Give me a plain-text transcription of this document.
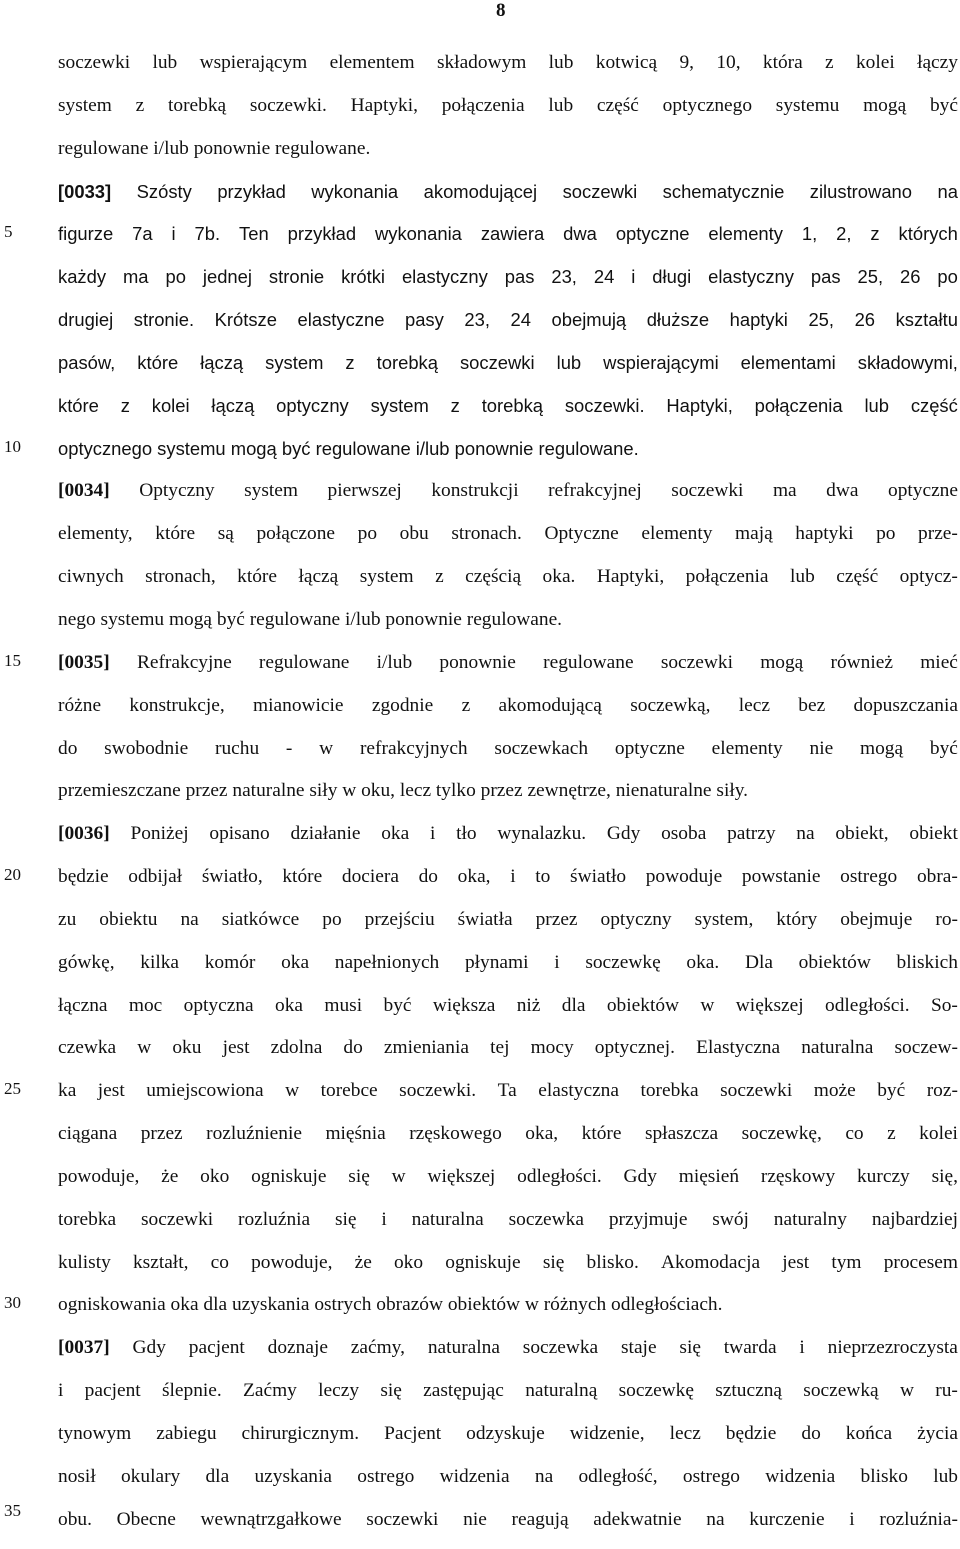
8
5
10
15
20
25
30
35
soczewki lub wspierającym elementem składowym lub kotwicą 9, 10, która z kolei łączy
system z torebką soczewki. Haptyki, połączenia lub część optycznego systemu mogą być
regulowane i/lub ponownie regulowane.
[0033] Szósty przykład wykonania akomodującej soczewki schematycznie zilustrowano na
figurze 7a i 7b. Ten przykład wykonania zawiera dwa optyczne elementy 1, 2, z których
każdy ma po jednej stronie krótki elastyczny pas 23, 24 i długi elastyczny pas 25, 26 po
drugiej stronie. Krótsze elastyczne pasy 23, 24 obejmują dłuższe haptyki 25, 26 kształtu
pasów, które łączą system z torebką soczewki lub wspierającymi elementami składowymi,
które z kolei łączą optyczny system z torebką soczewki. Haptyki, połączenia lub część
optycznego systemu mogą być regulowane i/lub ponownie regulowane.
[0034] Optyczny system pierwszej konstrukcji refrakcyjnej soczewki ma dwa optyczne
elementy, które są połączone po obu stronach. Optyczne elementy mają haptyki po prze-
ciwnych stronach, które łączą system z częścią oka. Haptyki, połączenia lub część optycz-
nego systemu mogą być regulowane i/lub ponownie regulowane.
[0035] Refrakcyjne regulowane i/lub ponownie regulowane soczewki mogą również mieć
różne konstrukcje, mianowicie zgodnie z akomodującą soczewką, lecz bez dopuszczania
do swobodnie ruchu - w refrakcyjnych soczewkach optyczne elementy nie mogą być
przemieszczane przez naturalne siły w oku, lecz tylko przez zewnętrze, nienaturalne siły.
[0036] Poniżej opisano działanie oka i tło wynalazku. Gdy osoba patrzy na obiekt, obiekt
będzie odbijał światło, które dociera do oka, i to światło powoduje powstanie ostrego obra-
zu obiektu na siatkówce po przejściu światła przez optyczny system, który obejmuje ro-
gówkę, kilka komór oka napełnionych płynami i soczewkę oka. Dla obiektów bliskich
łączna moc optyczna oka musi być większa niż dla obiektów w większej odległości. So-
czewka w oku jest zdolna do zmieniania tej mocy optycznej. Elastyczna naturalna soczew-
ka jest umiejscowiona w torebce soczewki. Ta elastyczna torebka soczewki może być roz-
ciągana przez rozluźnienie mięśnia rzęskowego oka, które spłaszcza soczewkę, co z kolei
powoduje, że oko ogniskuje się w większej odległości. Gdy mięsień rzęskowy kurczy się,
torebka soczewki rozluźnia się i naturalna soczewka przyjmuje swój naturalny najbardziej
kulisty kształt, co powoduje, że oko ogniskuje się blisko. Akomodacja jest tym procesem
ogniskowania oka dla uzyskania ostrych obrazów obiektów w różnych odległościach.
[0037] Gdy pacjent doznaje zaćmy, naturalna soczewka staje się twarda i nieprzezroczysta
i pacjent ślepnie. Zaćmy leczy się zastępując naturalną soczewkę sztuczną soczewką w ru-
tynowym zabiegu chirurgicznym. Pacjent odzyskuje widzenie, lecz będzie do końca życia
nosił okulary dla uzyskania ostrego widzenia na odległość, ostrego widzenia blisko lub
obu. Obecne wewnątrzgałkowe soczewki nie reagują adekwatnie na kurczenie i rozluźnia-
